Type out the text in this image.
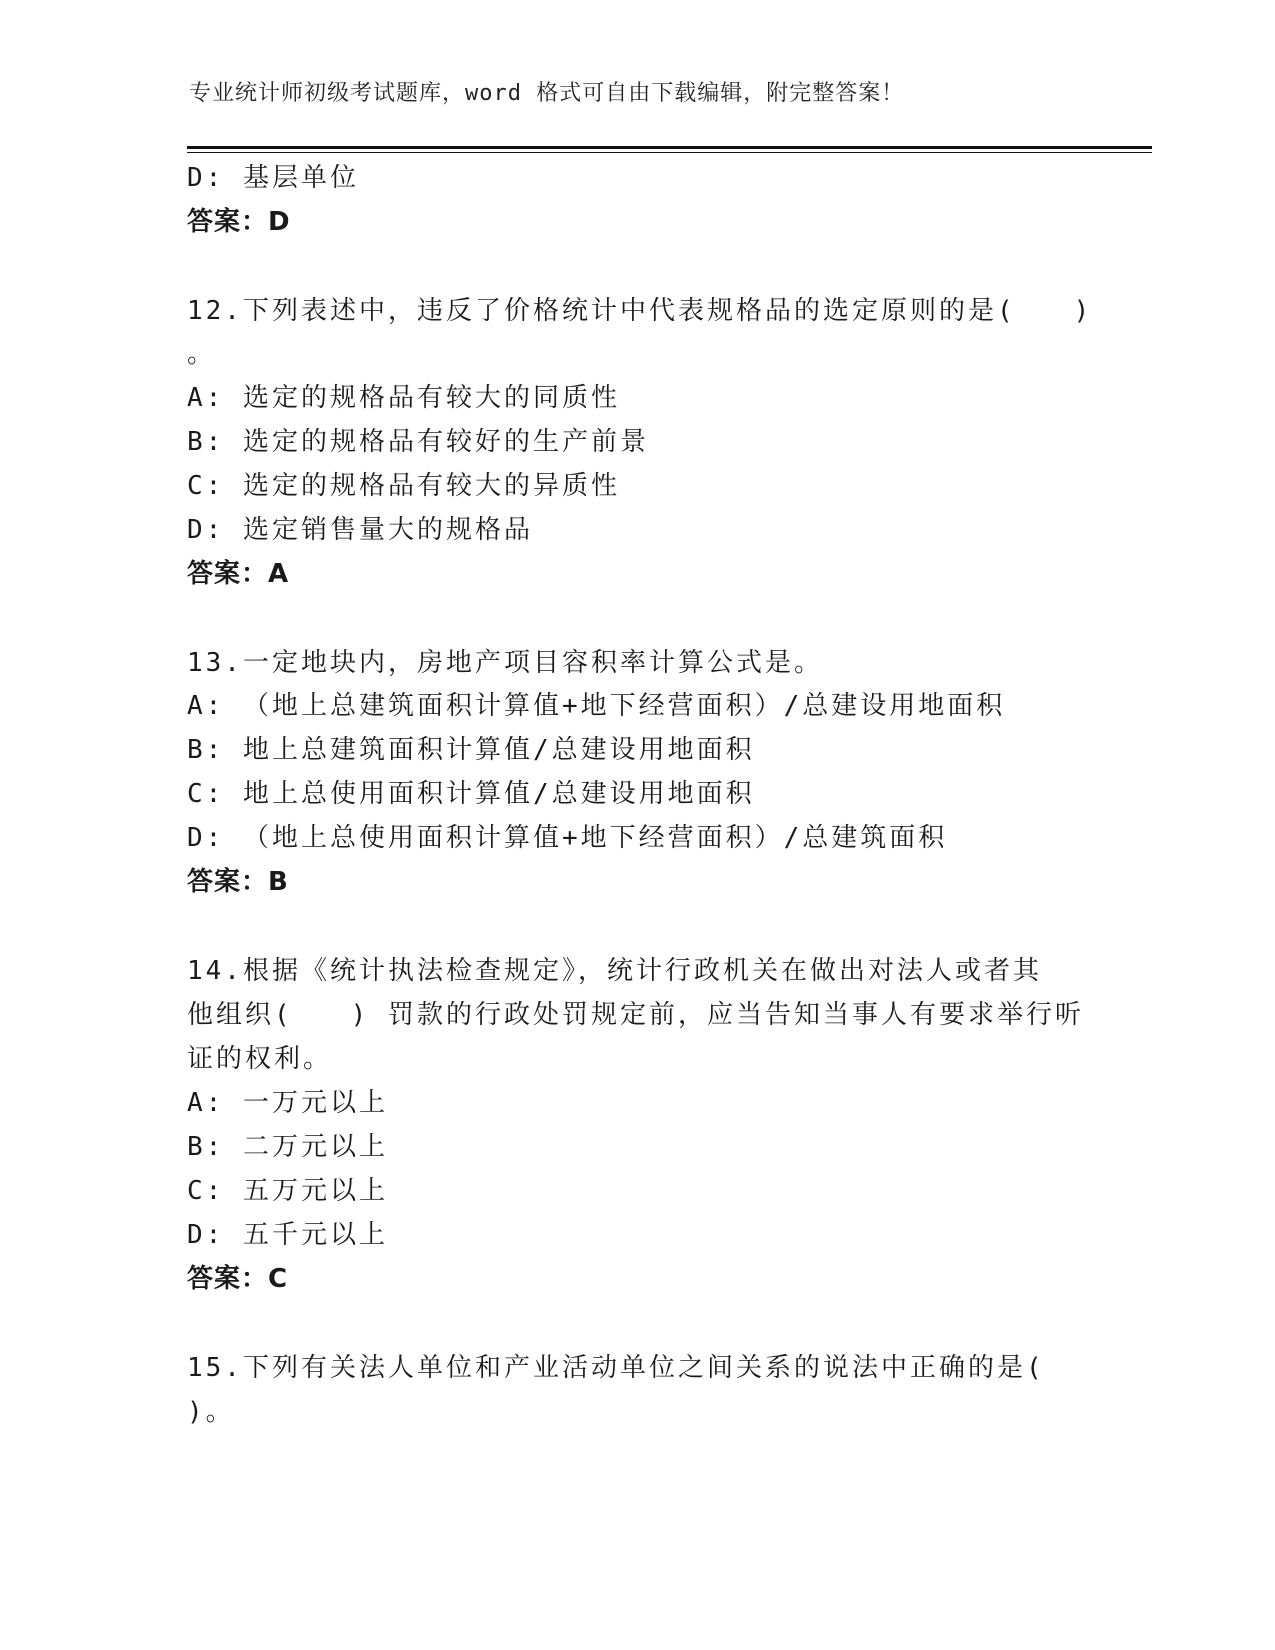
专业统计师初级考试题库，word 格式可自由下载编辑，附完整答案！
D: 基层单位
答案：D
12.下列表述中，违反了价格统计中代表规格品的选定原则的是(　　)
。
A: 选定的规格品有较大的同质性
B: 选定的规格品有较好的生产前景
C: 选定的规格品有较大的异质性
D: 选定销售量大的规格品
答案：A
13.一定地块内，房地产项目容积率计算公式是。
A: （地上总建筑面积计算值+地下经营面积）/总建设用地面积
B: 地上总建筑面积计算值/总建设用地面积
C: 地上总使用面积计算值/总建设用地面积
D: （地上总使用面积计算值+地下经营面积）/总建筑面积
答案：B
14.根据《统计执法检查规定》，统计行政机关在做出对法人或者其
他组织(　　) 罚款的行政处罚规定前，应当告知当事人有要求举行听
证的权利。
A: 一万元以上
B: 二万元以上
C: 五万元以上
D: 五千元以上
答案：C
15.下列有关法人单位和产业活动单位之间关系的说法中正确的是(
)。
